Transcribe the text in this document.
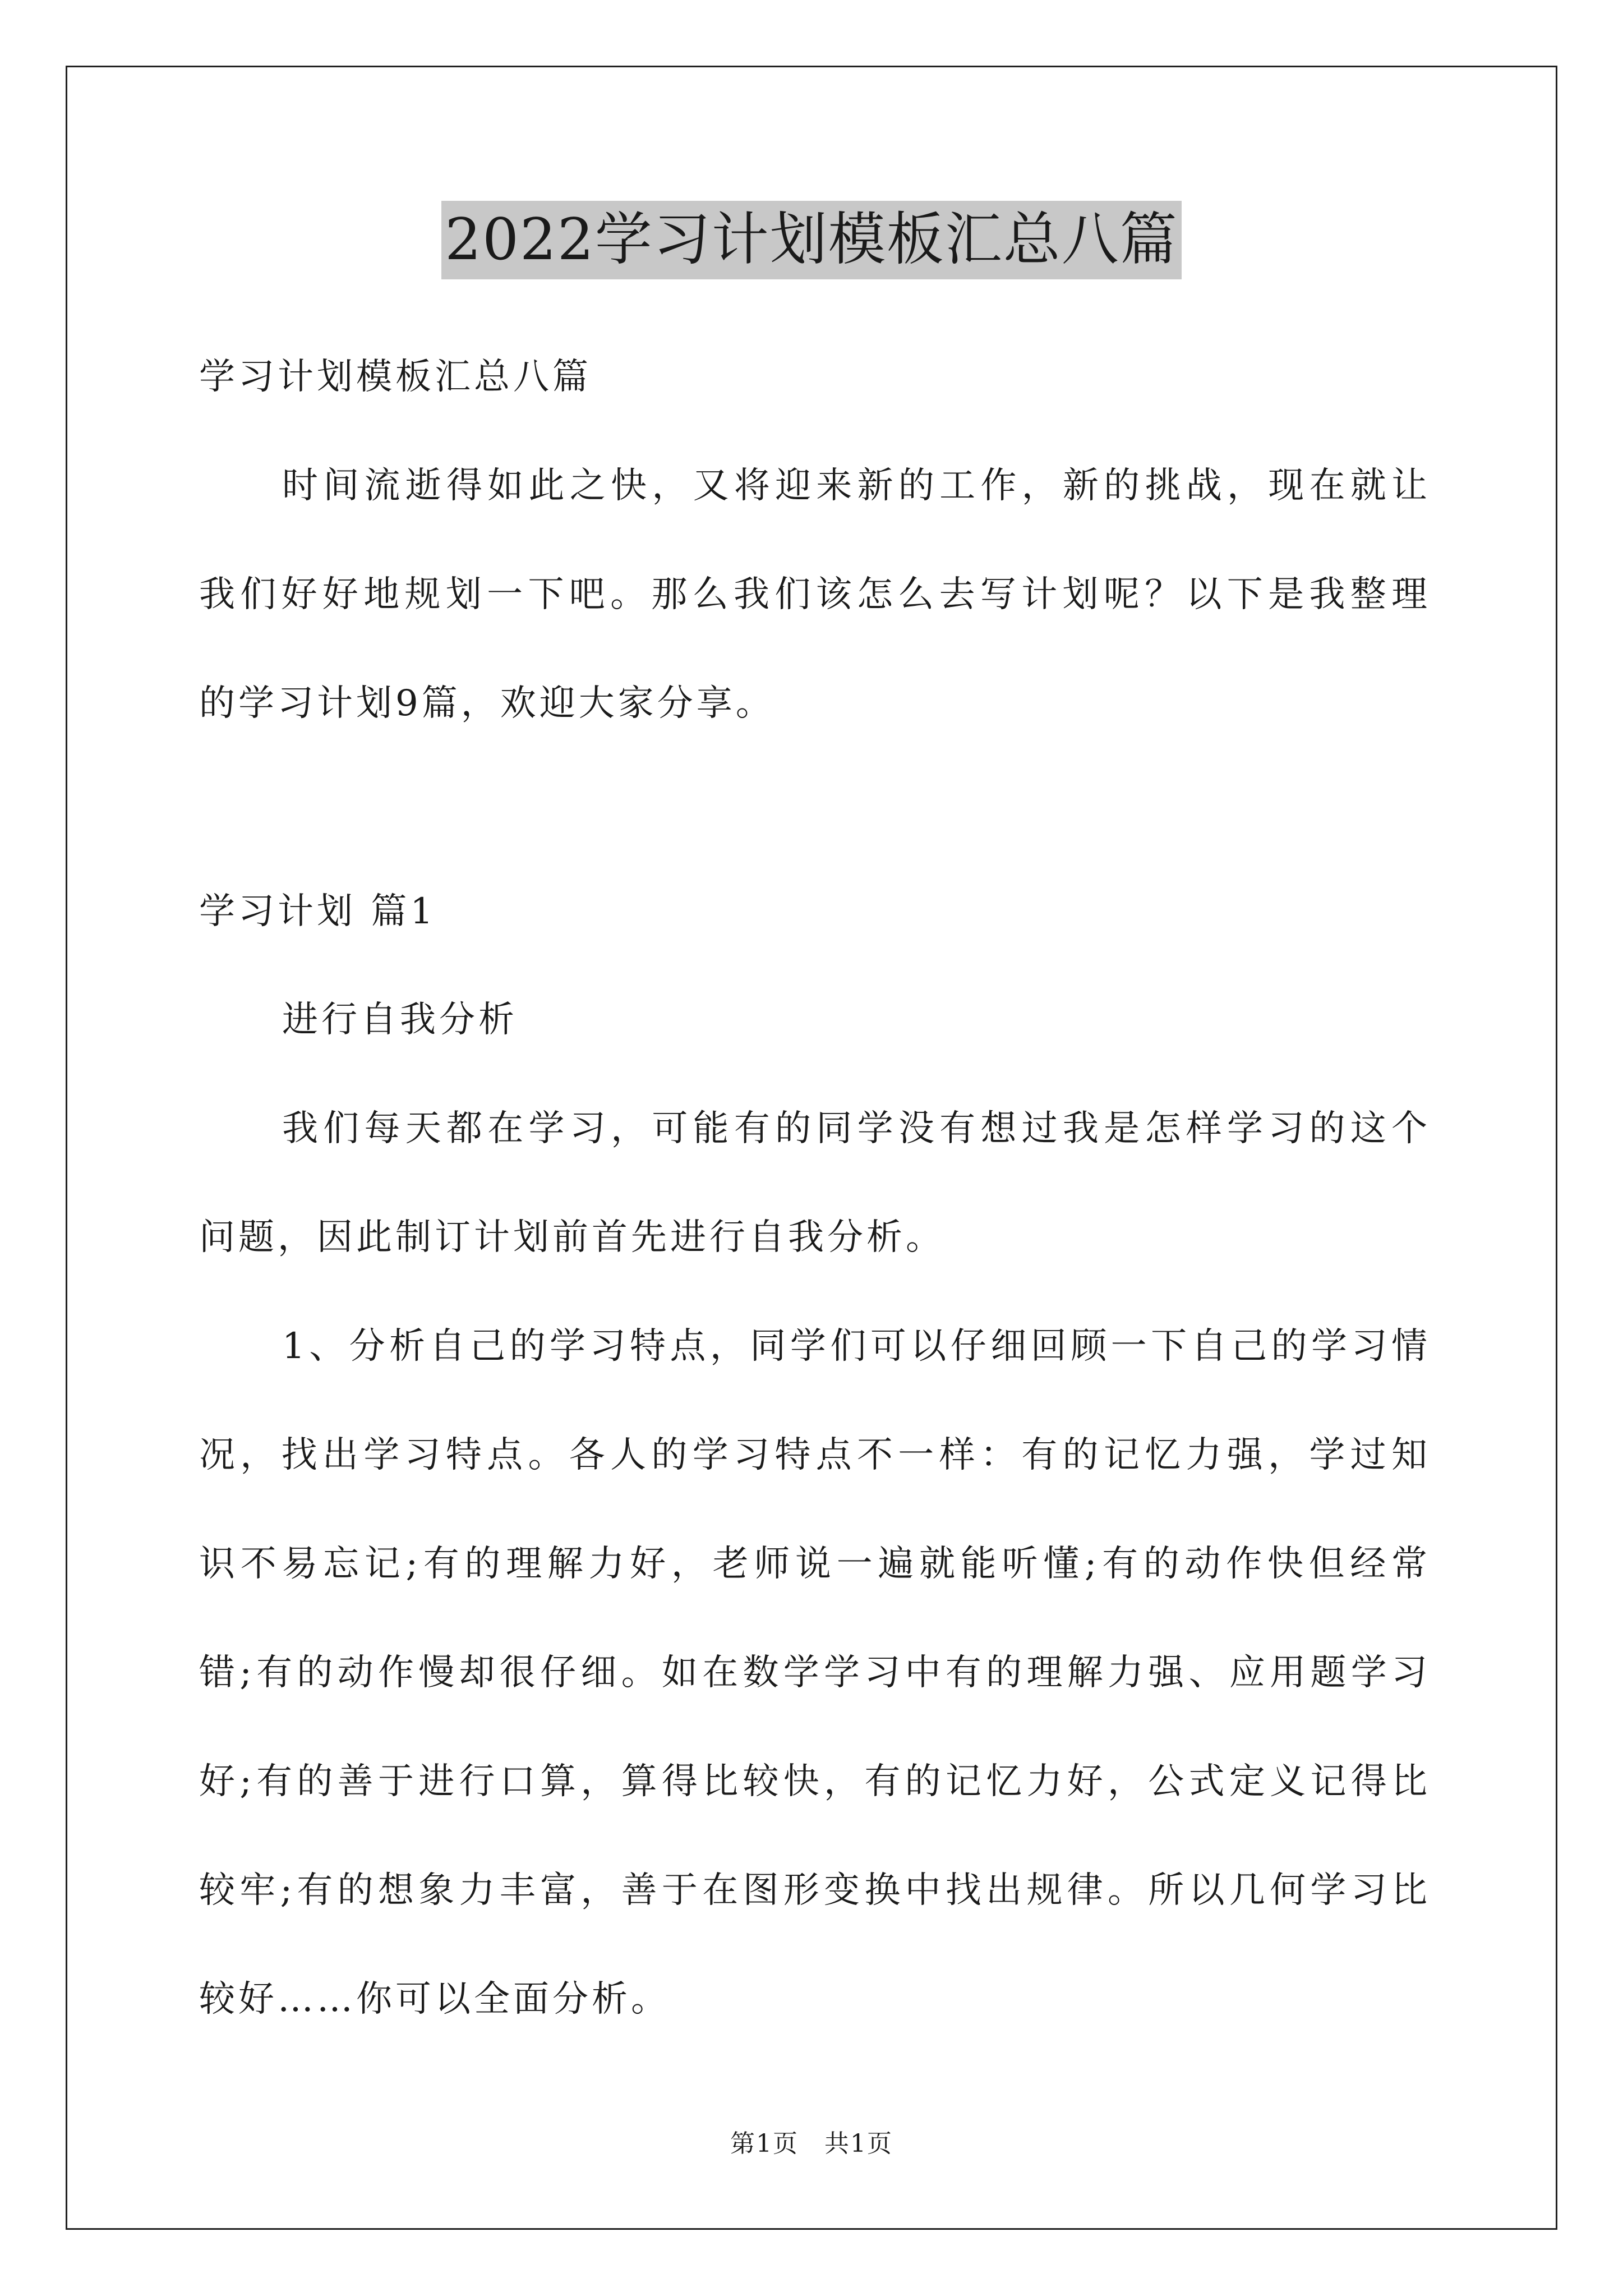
2022学习计划模板汇总八篇
学习计划模板汇总八篇
时间流逝得如此之快，又将迎来新的工作，新的挑战，现在就让
我们好好地规划一下吧。那么我们该怎么去写计划呢？以下是我整理
的学习计划9篇，欢迎大家分享。
学习计划 篇1
进行自我分析
我们每天都在学习，可能有的同学没有想过我是怎样学习的这个
问题，因此制订计划前首先进行自我分析。
1、分析自己的学习特点，同学们可以仔细回顾一下自己的学习情
况，找出学习特点。各人的学习特点不一样：有的记忆力强，学过知
识不易忘记;有的理解力好，老师说一遍就能听懂;有的动作快但经常
错;有的动作慢却很仔细。如在数学学习中有的理解力强、应用题学习
好;有的善于进行口算，算得比较快，有的记忆力好，公式定义记得比
较牢;有的想象力丰富，善于在图形变换中找出规律。所以几何学习比
较好……你可以全面分析。
第1页　共1页
